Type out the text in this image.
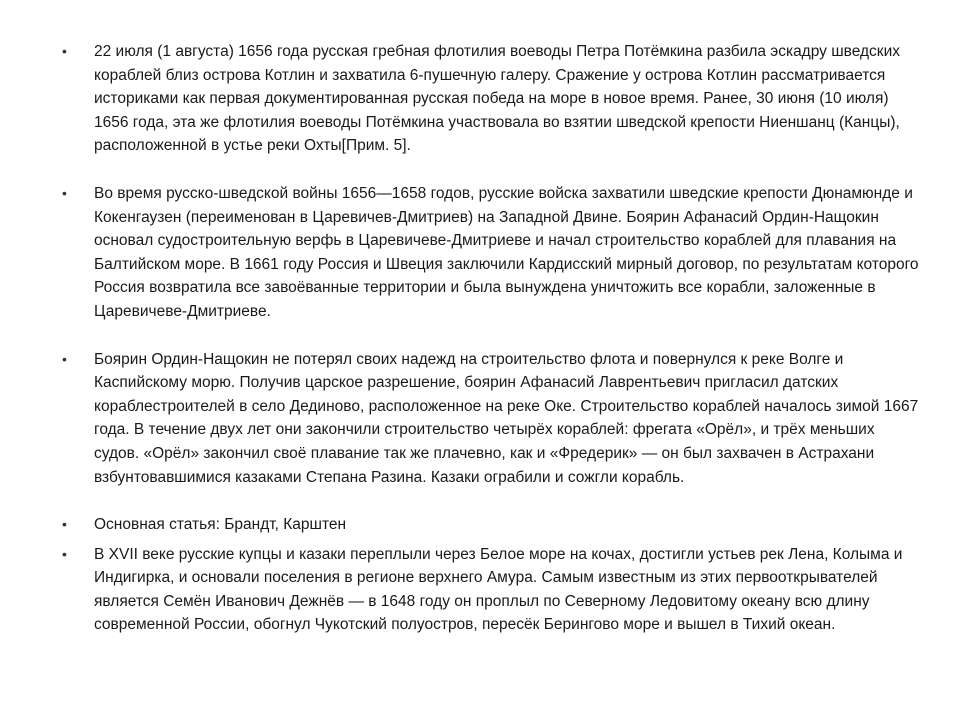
• 22 июля (1 августа) 1656 года русская гребная флотилия воеводы Петра Потёмкина разбила эскадру шведских кораблей близ острова Котлин и захватила 6-пушечную галеру. Сражение у острова Котлин рассматривается историками как первая документированная русская победа на море в новое время. Ранее, 30 июня (10 июля) 1656 года, эта же флотилия воеводы Потёмкина участвовала во взятии шведской крепости Ниеншанц (Канцы), расположенной в устье реки Охты[Прим. 5].
• Во время русско-шведской войны 1656—1658 годов, русские войска захватили шведские крепости Дюнамюнде и Кокенгаузен (переименован в Царевичев-Дмитриев) на Западной Двине. Боярин Афанасий Ордин-Нащокин основал судостроительную верфь в Царевичеве-Дмитриеве и начал строительство кораблей для плавания на Балтийском море. В 1661 году Россия и Швеция заключили Кардисский мирный договор, по результатам которого Россия возвратила все завоёванные территории и была вынуждена уничтожить все корабли, заложенные в Царевичеве-Дмитриеве.
• Боярин Ордин-Нащокин не потерял своих надежд на строительство флота и повернулся к реке Волге и Каспийскому морю. Получив царское разрешение, боярин Афанасий Лаврентьевич пригласил датских кораблестроителей в село Дединово, расположенное на реке Оке. Строительство кораблей началось зимой 1667 года. В течение двух лет они закончили строительство четырёх кораблей: фрегата «Орёл», и трёх меньших судов. «Орёл» закончил своё плавание так же плачевно, как и «Фредерик» — он был захвачен в Астрахани взбунтовавшимися казаками Степана Разина. Казаки ограбили и сожгли корабль.
• Основная статья: Брандт, Карштен
• В XVII веке русские купцы и казаки переплыли через Белое море на кочах, достигли устьев рек Лена, Колыма и Индигирка, и основали поселения в регионе верхнего Амура. Самым известным из этих первооткрывателей является Семён Иванович Дежнёв — в 1648 году он проплыл по Северному Ледовитому океану всю длину современной России, обогнул Чукотский полуостров, пересёк Берингово море и вышел в Тихий океан.
